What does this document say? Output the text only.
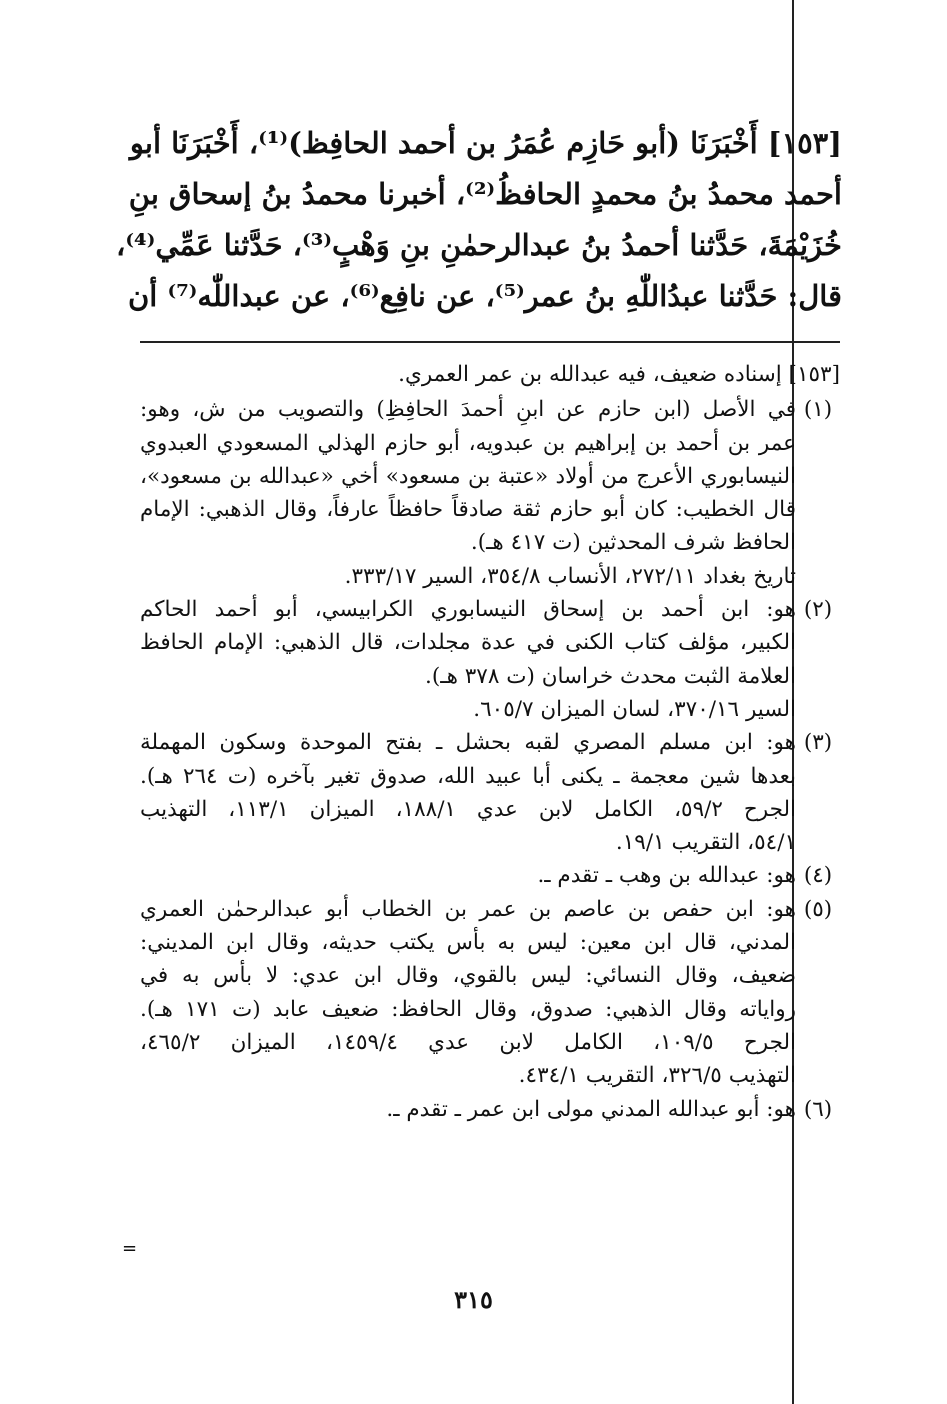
[١٥٣] أَخْبَرَنَا (أبو حَازِم عُمَرُ بن أحمد الحافِظ)⁽¹⁾، أَخْبَرَنَا أبو

أحمد محمدُ بنُ محمدٍ الحافظُ⁽²⁾، أخبرنا محمدُ بنُ إسحاق بنِ

خُزَيْمَةَ، حَدَّثنا أحمدُ بنُ عبدالرحمٰنِ بنِ وَهْبٍ⁽³⁾، حَدَّثنا عَمِّي⁽⁴⁾،

قال: حَدَّثنا عبدُاللّٰهِ بنُ عمر⁽⁵⁾، عن نافِع⁽⁶⁾، عن عبداللّٰه⁽⁷⁾ أن

[١٥٣] إسناده ضعيف، فيه عبدالله بن عمر العمري.

(١)
في الأصل (ابن حازم عن ابنِ أحمدَ الحافِظِ) والتصويب من ش، وهو:
عمر بن أحمد بن إبراهيم بن عبدويه، أبو حازم الهذلي المسعودي العبدوي
النيسابوري الأعرج من أولاد «عتبة بن مسعود» أخي «عبدالله بن مسعود»،
قال الخطيب: كان أبو حازم ثقة صادقاً حافظاً عارفاً، وقال الذهبي: الإمام
الحافظ شرف المحدثين (ت ٤١٧ هـ).
تاريخ بغداد ٢٧٢/١١، الأنساب ٣٥٤/٨، السير ٣٣٣/١٧.
(٢)
هو: ابن أحمد بن إسحاق النيسابوري الكرابيسي، أبو أحمد الحاكم
الكبير، مؤلف كتاب الكنى في عدة مجلدات، قال الذهبي: الإمام الحافظ
العلامة الثبت محدث خراسان (ت ٣٧٨ هـ).
السير ٣٧٠/١٦، لسان الميزان ٦٠٥/٧.
(٣)
هو: ابن مسلم المصري لقبه بحشل ـ بفتح الموحدة وسكون المهملة
بعدها شين معجمة ـ يكنى أبا عبيد الله، صدوق تغير بآخره (ت ٢٦٤ هـ).
الجرح ٥٩/٢، الكامل لابن عدي ١٨٨/١، الميزان ١١٣/١، التهذيب
٥٤/١، التقريب ١٩/١.
(٤)
هو: عبدالله بن وهب ـ تقدم ـ.
(٥)
هو: ابن حفص بن عاصم بن عمر بن الخطاب أبو عبدالرحمٰن العمري
المدني، قال ابن معين: ليس به بأس يكتب حديثه، وقال ابن المديني:
ضعيف، وقال النسائي: ليس بالقوي، وقال ابن عدي: لا بأس به في
رواياته وقال الذهبي: صدوق، وقال الحافظ: ضعيف عابد (ت ١٧١ هـ).
الجرح ١٠٩/٥، الكامل لابن عدي ١٤٥٩/٤، الميزان ٤٦٥/٢،
التهذيب ٣٢٦/٥، التقريب ٤٣٤/١.
(٦)
هو: أبو عبدالله المدني مولى ابن عمر ـ تقدم ـ.
=
٣١٥
